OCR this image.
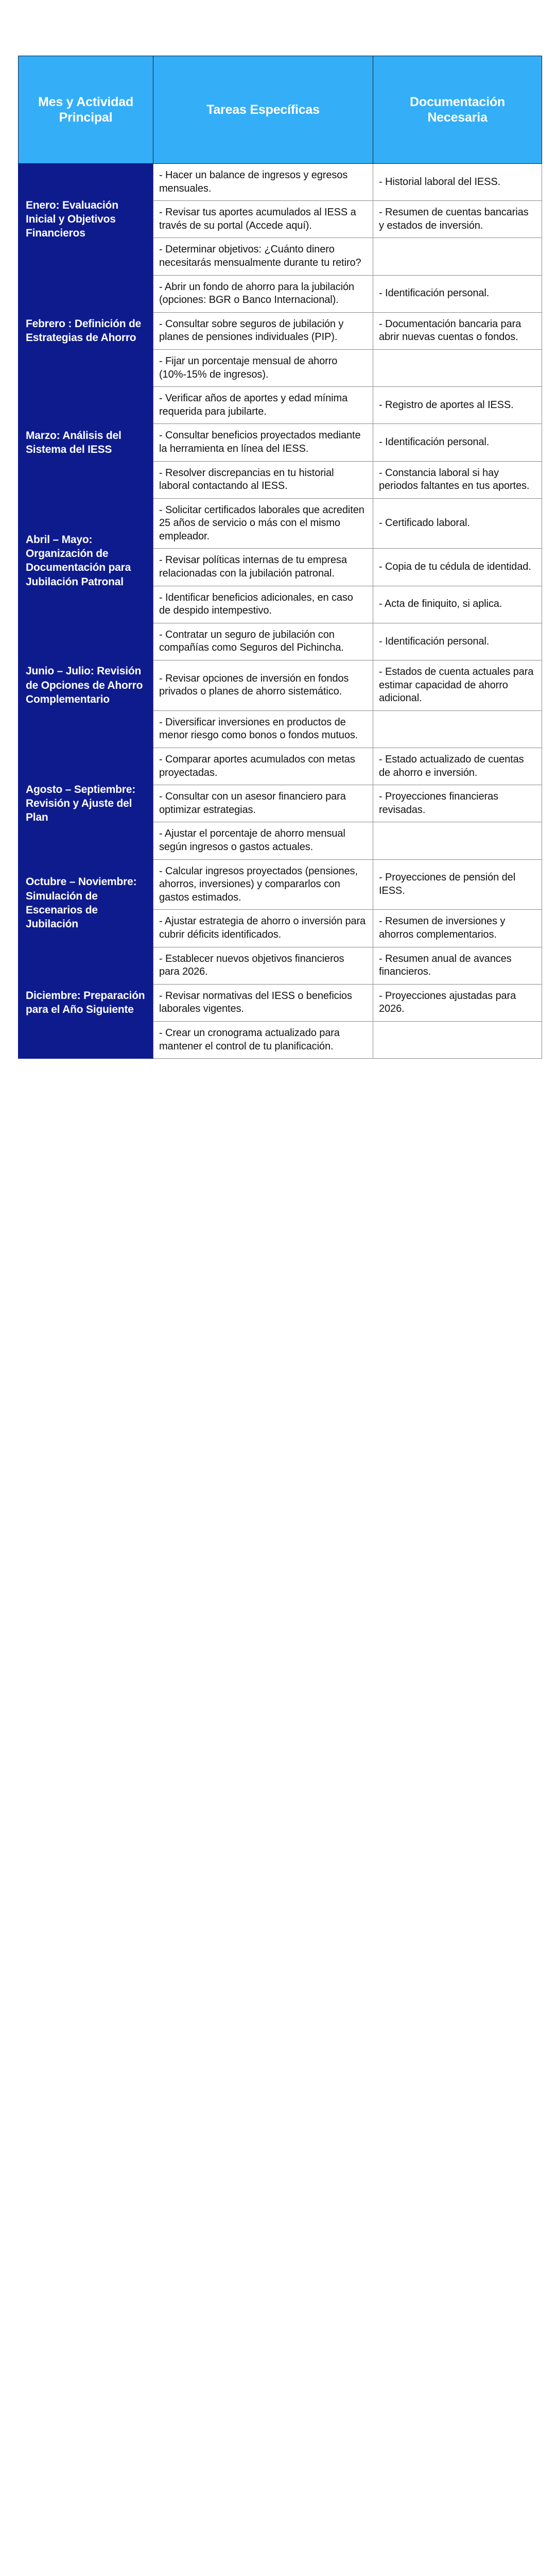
Mes y Actividad Principal	Tareas Específicas	Documentación Necesaria
Enero: Evaluación Inicial y Objetivos Financieros	- Hacer un balance de ingresos y egresos mensuales.	- Historial laboral del IESS.
	- Revisar tus aportes acumulados al IESS a través de su portal (Accede aquí).	- Resumen de cuentas bancarias y estados de inversión.
	- Determinar objetivos: ¿Cuánto dinero necesitarás mensualmente durante tu retiro?	
Febrero : Definición de Estrategias de Ahorro	- Abrir un fondo de ahorro para la jubilación (opciones: BGR o Banco Internacional).	- Identificación personal.
	- Consultar sobre seguros de jubilación y planes de pensiones individuales (PIP).	- Documentación bancaria para abrir nuevas cuentas o fondos.
	- Fijar un porcentaje mensual de ahorro (10%-15% de ingresos).	
Marzo: Análisis del Sistema del IESS	- Verificar años de aportes y edad mínima requerida para jubilarte.	- Registro de aportes al IESS.
	- Consultar beneficios proyectados mediante la herramienta en línea del IESS.	- Identificación personal.
	- Resolver discrepancias en tu historial laboral contactando al IESS.	- Constancia laboral si hay periodos faltantes en tus aportes.
Abril – Mayo: Organización de Documentación para Jubilación Patronal	- Solicitar certificados laborales que acrediten 25 años de servicio o más con el mismo empleador.	- Certificado laboral.
	- Revisar políticas internas de tu empresa relacionadas con la jubilación patronal.	- Copia de tu cédula de identidad.
	- Identificar beneficios adicionales, en caso de despido intempestivo.	- Acta de finiquito, si aplica.
Junio – Julio: Revisión de Opciones de Ahorro Complementario	- Contratar un seguro de jubilación con compañías como Seguros del Pichincha.	- Identificación personal.
	- Revisar opciones de inversión en fondos privados o planes de ahorro sistemático.	- Estados de cuenta actuales para estimar capacidad de ahorro adicional.
	- Diversificar inversiones en productos de menor riesgo como bonos o fondos mutuos.	
Agosto – Septiembre: Revisión y Ajuste del Plan	- Comparar aportes acumulados con metas proyectadas.	- Estado actualizado de cuentas de ahorro e inversión.
	- Consultar con un asesor financiero para optimizar estrategias.	- Proyecciones financieras revisadas.
	- Ajustar el porcentaje de ahorro mensual según ingresos o gastos actuales.	
Octubre – Noviembre: Simulación de Escenarios de Jubilación	- Calcular ingresos proyectados (pensiones, ahorros, inversiones) y compararlos con gastos estimados.	- Proyecciones de pensión del IESS.
	- Ajustar estrategia de ahorro o inversión para cubrir déficits identificados.	- Resumen de inversiones y ahorros complementarios.
Diciembre: Preparación para el Año Siguiente	- Establecer nuevos objetivos financieros para 2026.	- Resumen anual de avances financieros.
	- Revisar normativas del IESS o beneficios laborales vigentes.	- Proyecciones ajustadas para 2026.
	- Crear un cronograma actualizado para mantener el control de tu planificación.	
